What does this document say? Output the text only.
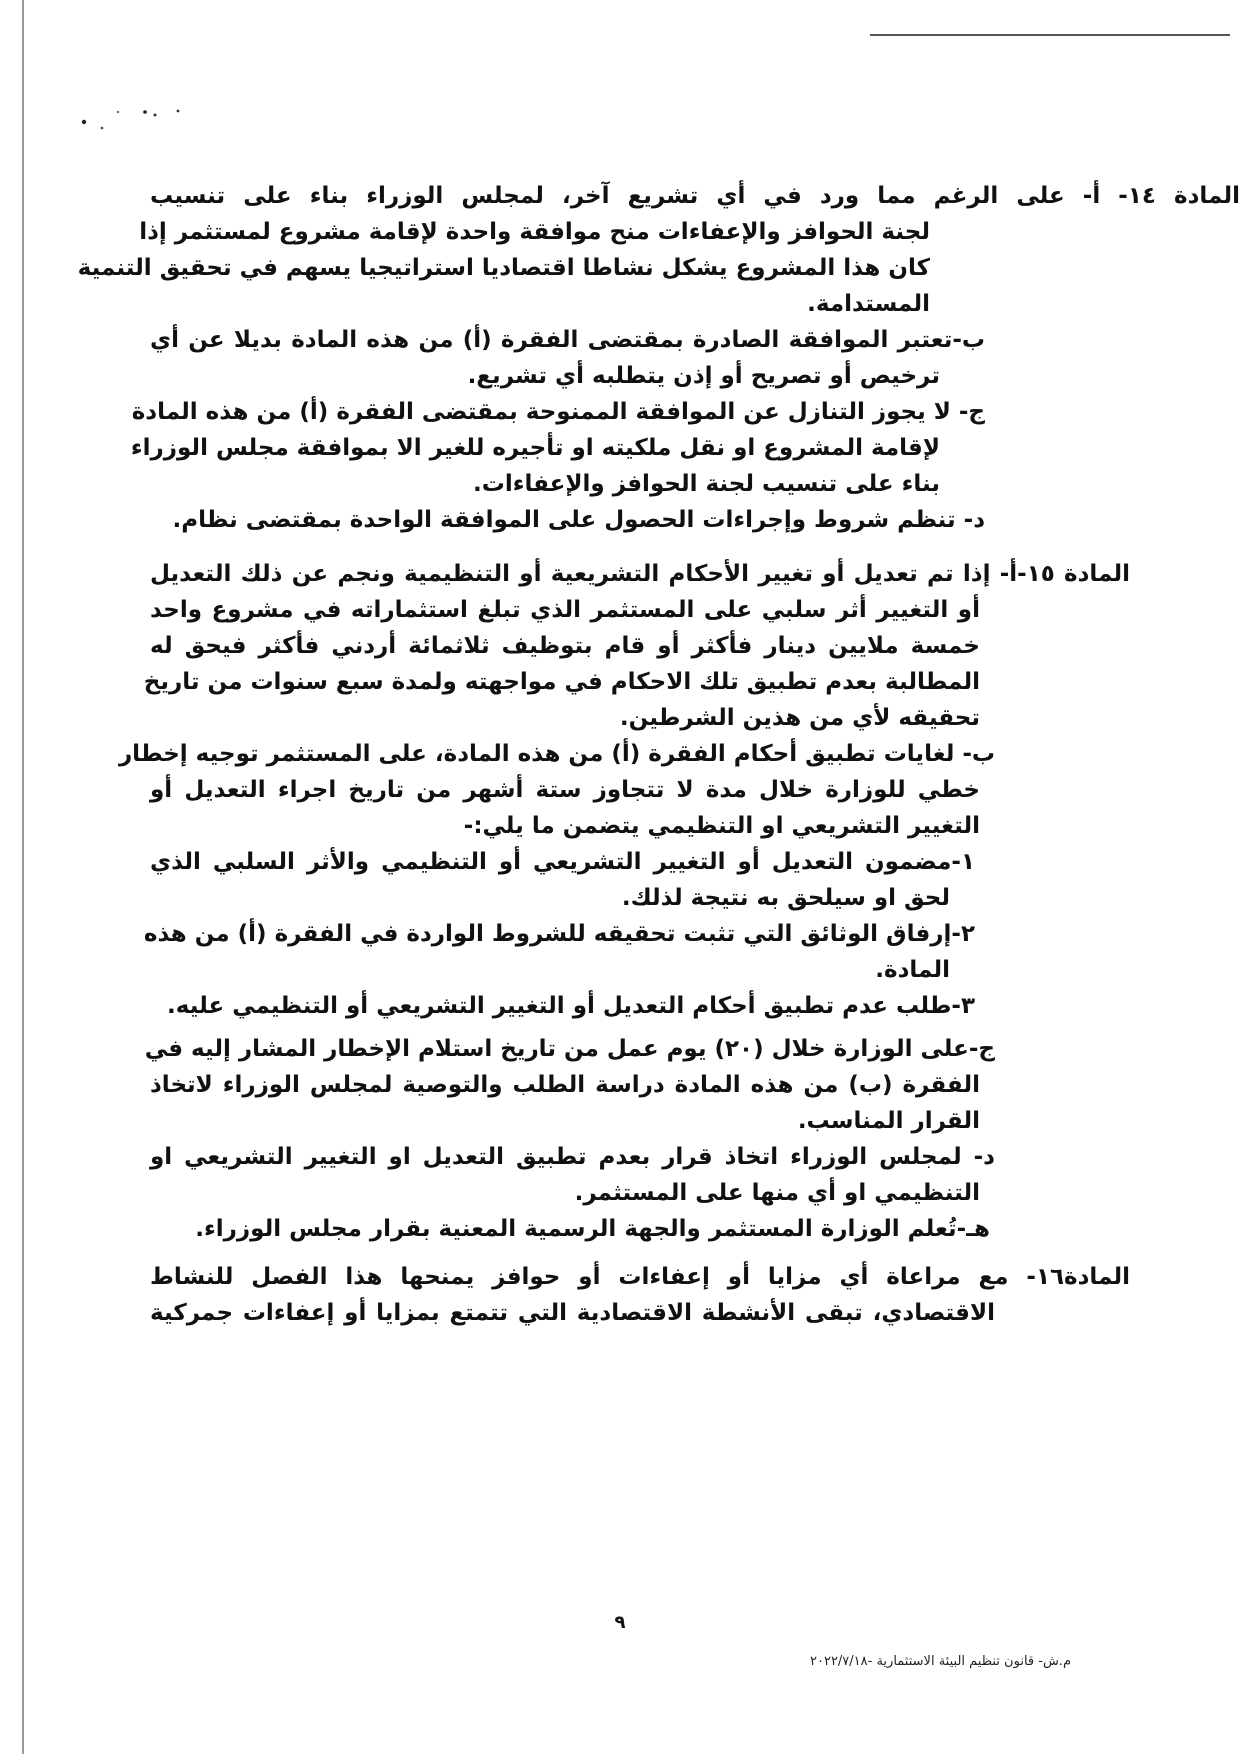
المادة ١٤- أ- على الرغم مما ورد في أي تشريع آخر، لمجلس الوزراء بناء على تنسيب
لجنة الحوافز والإعفاءات منح موافقة واحدة لإقامة مشروع لمستثمر إذا
كان هذا المشروع يشكل نشاطا اقتصاديا استراتيجيا يسهم في تحقيق التنمية
المستدامة.
ب-تعتبر الموافقة الصادرة بمقتضى الفقرة (أ) من هذه المادة بديلا عن أي
ترخيص أو تصريح أو إذن يتطلبه أي تشريع.
ج- لا يجوز التنازل عن الموافقة الممنوحة بمقتضى الفقرة (أ) من هذه المادة
لإقامة المشروع او نقل ملكيته او تأجيره للغير الا بموافقة مجلس الوزراء
بناء على تنسيب لجنة الحوافز والإعفاءات.
د- تنظم شروط وإجراءات الحصول على الموافقة الواحدة بمقتضى نظام.
المادة ١٥-أ- إذا تم تعديل أو تغيير الأحكام التشريعية أو التنظيمية ونجم عن ذلك التعديل
أو التغيير أثر سلبي على المستثمر الذي تبلغ استثماراته في مشروع واحد
خمسة ملايين دينار فأكثر أو قام بتوظيف ثلاثمائة أردني فأكثر فيحق له
المطالبة بعدم تطبيق تلك الاحكام في مواجهته ولمدة سبع سنوات من تاريخ
تحقيقه لأي من هذين الشرطين.
ب- لغايات تطبيق أحكام الفقرة (أ) من هذه المادة، على المستثمر توجيه إخطار
خطي للوزارة خلال مدة لا تتجاوز ستة أشهر من تاريخ اجراء التعديل أو
التغيير التشريعي او التنظيمي يتضمن ما يلي:-
١-مضمون التعديل أو التغيير التشريعي أو التنظيمي والأثر السلبي الذي
لحق او سيلحق به نتيجة لذلك.
٢-إرفاق الوثائق التي تثبت تحقيقه للشروط الواردة في الفقرة (أ) من هذه
المادة.
٣-طلب عدم تطبيق أحكام التعديل أو التغيير التشريعي أو التنظيمي عليه.
ج-على الوزارة خلال (٢٠) يوم عمل من تاريخ استلام الإخطار المشار إليه في
الفقرة (ب) من هذه المادة دراسة الطلب والتوصية لمجلس الوزراء لاتخاذ
القرار المناسب.
د- لمجلس الوزراء اتخاذ قرار بعدم تطبيق التعديل او التغيير التشريعي او
التنظيمي او أي منها على المستثمر.
هـ-تُعلم الوزارة المستثمر والجهة الرسمية المعنية بقرار مجلس الوزراء.
المادة١٦- مع مراعاة أي مزايا أو إعفاءات أو حوافز يمنحها هذا الفصل للنشاط
الاقتصادي، تبقى الأنشطة الاقتصادية التي تتمتع بمزايا أو إعفاءات جمركية
٩
م.ش- قانون تنظيم البيئة الاستثمارية -٢٠٢٢/٧/١٨
